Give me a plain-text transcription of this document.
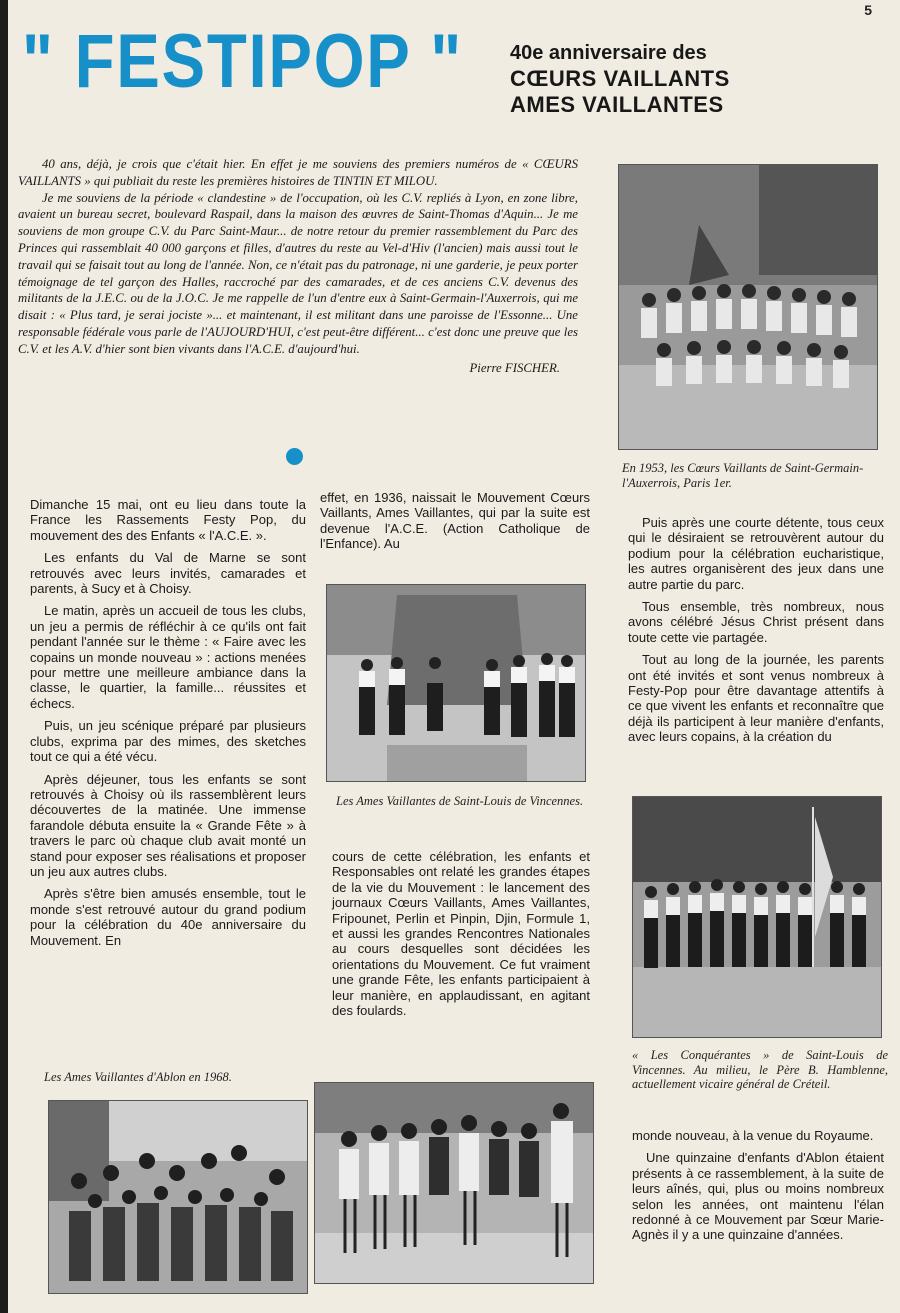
5
" FESTIPOP " 40e anniversaire des
CŒURS VAILLANTS
AMES VAILLANTES

40 ans, déjà, je crois que c'était hier. En effet je me souviens des premiers numéros de « CŒURS VAILLANTS » qui publiait du reste les premières histoires de TINTIN ET MILOU.

Je me souviens de la période « clandestine » de l'occupation, où les C.V. repliés à Lyon, en zone libre, avaient un bureau secret, boulevard Raspail, dans la maison des œuvres de Saint-Thomas d'Aquin... Je me souviens de mon groupe C.V. du Parc Saint-Maur... de notre retour du premier rassemblement du Parc des Princes qui rassemblait 40 000 garçons et filles, d'autres du reste au Vel-d'Hiv (l'ancien) mais aussi tout le travail qui se faisait tout au long de l'année. Non, ce n'était pas du patronage, ni une garderie, je peux porter témoignage de tel garçon des Halles, raccroché par des camarades, et de ces anciens C.V. devenus des militants de la J.E.C. ou de la J.O.C. Je me rappelle de l'un d'entre eux à Saint-Germain-l'Auxerrois, qui me disait : « Plus tard, je serai jociste »... et maintenant, il est militant dans une paroisse de l'Essonne... Une responsable fédérale vous parle de l'AUJOURD'HUI, c'est peut-être différent... c'est donc une preuve que les C.V. et les A.V. d'hier sont bien vivants dans l'A.C.E. d'aujourd'hui.

Pierre FISCHER.

En 1953, les Cœurs Vaillants de Saint-Germain-l'Auxerrois, Paris 1er.

Dimanche 15 mai, ont eu lieu dans toute la France les Rassements Festy Pop, du mouvement des des Enfants « l'A.C.E. ».

Les enfants du Val de Marne se sont retrouvés avec leurs invités, camarades et parents, à Sucy et à Choisy.

Le matin, après un accueil de tous les clubs, un jeu a permis de réfléchir à ce qu'ils ont fait pendant l'année sur le thème : « Faire avec les copains un monde nouveau » : actions menées pour mettre une meilleure ambiance dans la classe, le quartier, la famille... réussites et échecs.

Puis, un jeu scénique préparé par plusieurs clubs, exprima par des mimes, des sketches tout ce qui a été vécu.

Après déjeuner, tous les enfants se sont retrouvés à Choisy où ils rassemblèrent leurs découvertes de la matinée. Une immense farandole débuta ensuite la « Grande Fête » à travers le parc où chaque club avait monté un stand pour exposer ses réalisations et proposer un jeu aux autres clubs.

Après s'être bien amusés ensemble, tout le monde s'est retrouvé autour du grand podium pour la célébration du 40e anniversaire du Mouvement. En

effet, en 1936, naissait le Mouvement Cœurs Vaillants, Ames Vaillantes, qui par la suite est devenue l'A.C.E. (Action Catholique de l'Enfance). Au

Les Ames Vaillantes de Saint-Louis de Vincennes.

cours de cette célébration, les enfants et Responsables ont relaté les grandes étapes de la vie du Mouvement : le lancement des journaux Cœurs Vaillants, Ames Vaillantes, Fripounet, Perlin et Pinpin, Djin, Formule 1, et aussi les grandes Rencontres Nationales au cours desquelles sont décidées les orientations du Mouvement. Ce fut vraiment une grande Fête, les enfants participaient à leur manière, en applaudissant, en agitant des foulards.

Puis après une courte détente, tous ceux qui le désiraient se retrouvèrent autour du podium pour la célébration eucharistique, les autres organisèrent des jeux dans une autre partie du parc.

Tous ensemble, très nombreux, nous avons célébré Jésus Christ présent dans toute cette vie partagée.

Tout au long de la journée, les parents ont été invités et sont venus nombreux à Festy-Pop pour être davantage attentifs à ce que vivent les enfants et reconnaître que déjà ils participent à leur manière d'enfants, avec leurs copains, à la création du

« Les Conquérantes » de Saint-Louis de Vincennes. Au milieu, le Père B. Hamblenne, actuellement vicaire général de Créteil.

monde nouveau, à la venue du Royaume.

Une quinzaine d'enfants d'Ablon étaient présents à ce rassemblement, à la suite de leurs aînés, qui, plus ou moins nombreux selon les années, ont maintenu l'élan redonné à ce Mouvement par Sœur Marie-Agnès il y a une quinzaine d'années.

Les Ames Vaillantes d'Ablon en 1968.
